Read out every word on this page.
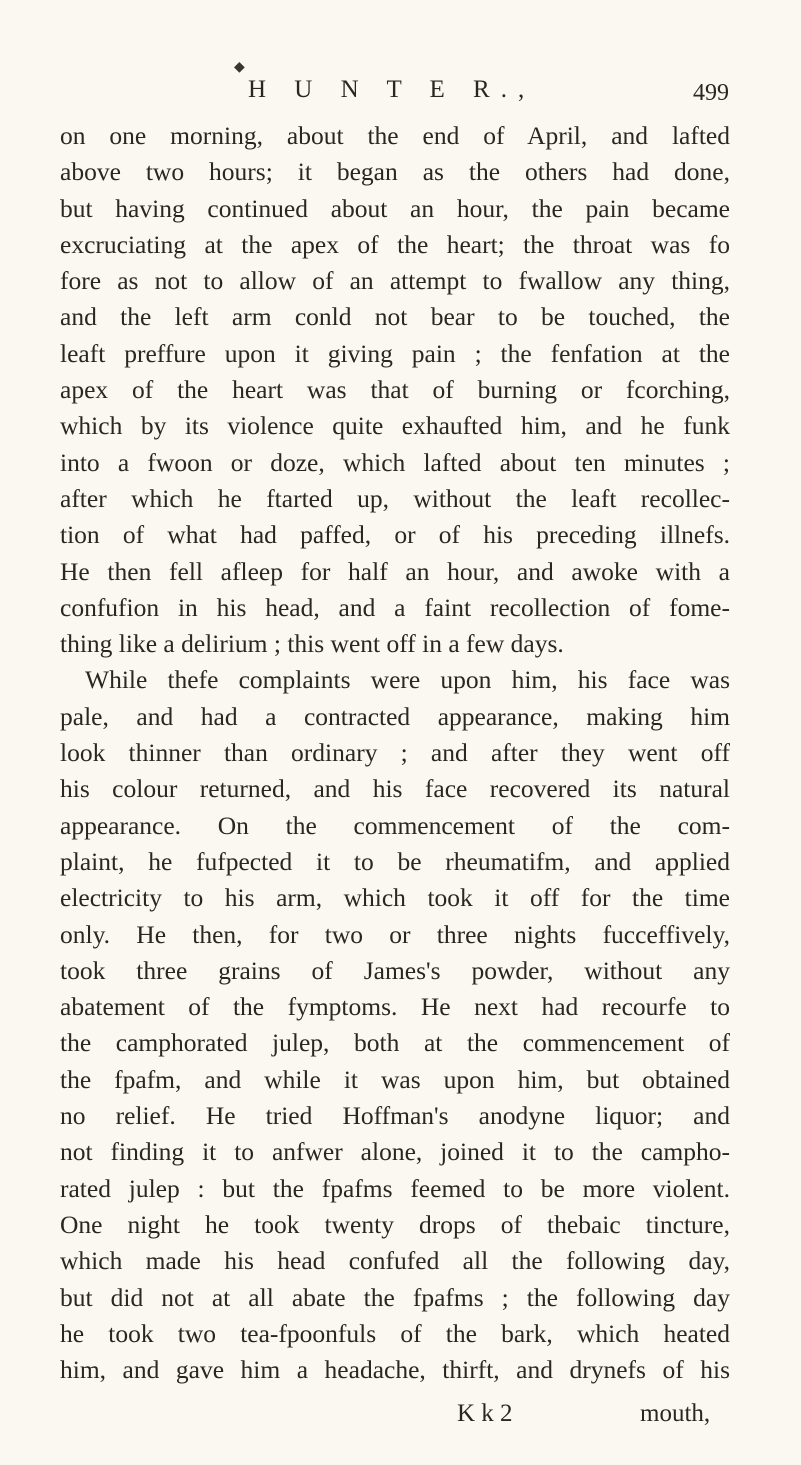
◆
H U N T E R.,	499
on one morning, about the end of April, and lafted
above two hours; it began as the others had done,
but having continued about an hour, the pain became
excruciating at the apex of the heart; the throat was fo
fore as not to allow of an attempt to fwallow any thing,
and the left arm conld not bear to be touched, the
leaft preffure upon it giving pain ; the fenfation at the
apex of the heart was that of burning or fcorching,
which by its violence quite exhaufted him, and he funk
into a fwoon or doze, which lafted about ten minutes ;
after which he ftarted up, without the leaft recollec-
tion of what had paffed, or of his preceding illnefs.
He then fell afleep for half an hour, and awoke with a
confufion in his head, and a faint recollection of fome-
thing like a delirium ; this went off in a few days.
While thefe complaints were upon him, his face was
pale, and had a contracted appearance, making him
look thinner than ordinary ; and after they went off
his colour returned, and his face recovered its natural
appearance. On the commencement of the com-
plaint, he fufpected it to be rheumatifm, and applied
electricity to his arm, which took it off for the time
only. He then, for two or three nights fucceffively,
took three grains of James's powder, without any
abatement of the fymptoms. He next had recourfe to
the camphorated julep, both at the commencement of
the fpafm, and while it was upon him, but obtained
no relief. He tried Hoffman's anodyne liquor; and
not finding it to anfwer alone, joined it to the campho-
rated julep : but the fpafms feemed to be more violent.
One night he took twenty drops of thebaic tincture,
which made his head confufed all the following day,
but did not at all abate the fpafms ; the following day
he took two tea-fpoonfuls of the bark, which heated
him, and gave him a headache, thirft, and drynefs of his
K k 2	mouth,
